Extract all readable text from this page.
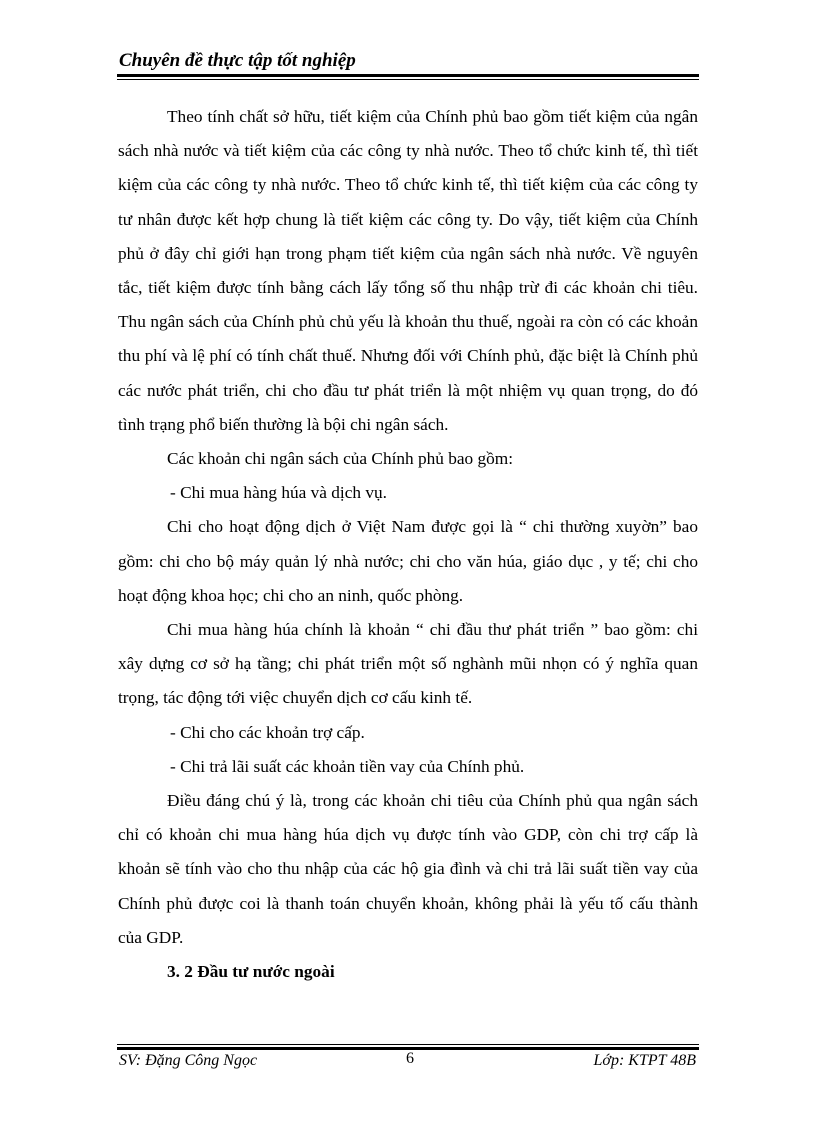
Chuyên đề thực tập tốt nghiệp

Theo tính chất sở hữu, tiết kiệm của Chính phủ bao gồm tiết kiệm của ngân sách nhà nước và tiết kiệm của các công ty nhà nước. Theo tổ chức kinh tế, thì tiết kiệm của các công ty nhà nước. Theo tổ chức kinh tế, thì tiết kiệm của các công ty tư nhân được kết hợp chung là tiết kiệm các công ty. Do vậy, tiết kiệm của Chính phủ ở đây chỉ giới hạn trong phạm tiết kiệm của ngân sách nhà nước. Về nguyên tắc, tiết kiệm được tính bằng cách lấy tổng số thu nhập trừ đi các khoản chi tiêu. Thu ngân sách của Chính phủ chủ yếu là khoản thu thuế, ngoài ra còn có các khoản thu phí và lệ phí có tính chất thuế. Nhưng đối với Chính phủ, đặc biệt là Chính phủ các nước phát triển, chi cho đầu tư phát triển là một nhiệm vụ quan trọng, do đó tình trạng phổ biến thường là bội chi ngân sách.

Các khoản chi ngân sách của Chính phủ bao gồm:

- Chi mua hàng húa và dịch vụ.

Chi cho hoạt động dịch ở Việt Nam được gọi là “ chi thường xuyờn” bao gồm: chi cho bộ máy quản lý nhà nước; chi cho văn húa, giáo dục , y tế; chi cho hoạt động khoa học; chi cho an ninh, quốc phòng.

Chi mua hàng húa chính là khoản “ chi đầu thư phát triển ” bao gồm: chi xây dựng cơ sở hạ tầng; chi phát triển một số nghành mũi nhọn có ý nghĩa quan trọng, tác động tới việc chuyển dịch cơ cấu kinh tế.

- Chi cho các khoản trợ cấp.

- Chi trả lãi suất các khoản tiền vay của Chính phủ.

Điều đáng chú ý là, trong các khoản chi tiêu của Chính phủ qua ngân sách chỉ có khoản chi mua hàng húa dịch vụ được tính vào GDP, còn chi trợ cấp là khoản sẽ tính vào cho thu nhập của các hộ gia đình và chi trả lãi suất tiền vay của Chính phủ được coi là thanh toán chuyển khoản, không phải là yếu tố cấu thành của GDP.

3. 2 Đầu tư nước ngoài

SV: Đặng Công Ngọc	6	Lớp: KTPT 48B
